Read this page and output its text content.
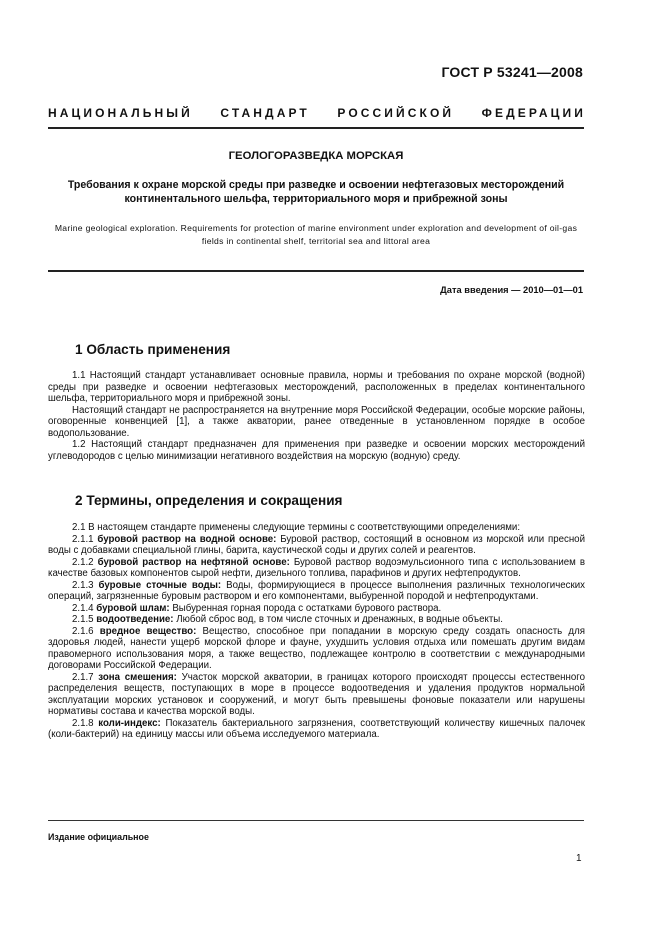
ГОСТ Р 53241—2008
НАЦИОНАЛЬНЫЙ СТАНДАРТ РОССИЙСКОЙ ФЕДЕРАЦИИ
ГЕОЛОГОРАЗВЕДКА МОРСКАЯ
Требования к охране морской среды при разведке и освоении нефтегазовых месторождений континентального шельфа, территориального моря и прибрежной зоны
Marine geological exploration. Requirements for protection of marine environment under exploration and development of oil-gas fields in continental shelf, territorial sea and littoral area
Дата введения — 2010—01—01
1 Область применения

1.1 Настоящий стандарт устанавливает основные правила, нормы и требования по охране морской (водной) среды при разведке и освоении нефтегазовых месторождений, расположенных в пределах континентального шельфа, территориального моря и прибрежной зоны.

Настоящий стандарт не распространяется на внутренние моря Российской Федерации, особые морские районы, оговоренные конвенцией [1], а также акватории, ранее отведенные в установленном порядке в особое водопользование.

1.2 Настоящий стандарт предназначен для применения при разведке и освоении морских месторождений углеводородов с целью минимизации негативного воздействия на морскую (водную) среду.

2 Термины, определения и сокращения

2.1 В настоящем стандарте применены следующие термины с соответствующими определениями:

2.1.1 буровой раствор на водной основе: Буровой раствор, состоящий в основном из морской или пресной воды с добавками специальной глины, барита, каустической соды и других солей и реагентов.

2.1.2 буровой раствор на нефтяной основе: Буровой раствор водоэмульсионного типа с использованием в качестве базовых компонентов сырой нефти, дизельного топлива, парафинов и других нефтепродуктов.

2.1.3 буровые сточные воды: Воды, формирующиеся в процессе выполнения различных технологических операций, загрязненные буровым раствором и его компонентами, выбуренной породой и нефтепродуктами.

2.1.4 буровой шлам: Выбуренная горная порода с остатками бурового раствора.

2.1.5 водоотведение: Любой сброс вод, в том числе сточных и дренажных, в водные объекты.

2.1.6 вредное вещество: Вещество, способное при попадании в морскую среду создать опасность для здоровья людей, нанести ущерб морской флоре и фауне, ухудшить условия отдыха или помешать другим видам правомерного использования моря, а также вещество, подлежащее контролю в соответствии с международными договорами Российской Федерации.

2.1.7 зона смешения: Участок морской акватории, в границах которого происходят процессы естественного распределения веществ, поступающих в море в процессе водоотведения и удаления продуктов нормальной эксплуатации морских установок и сооружений, и могут быть превышены фоновые показатели или нарушены нормативы состава и качества морской воды.

2.1.8 коли-индекс: Показатель бактериального загрязнения, соответствующий количеству кишечных палочек (коли-бактерий) на единицу массы или объема исследуемого материала.

Издание официальное
1
